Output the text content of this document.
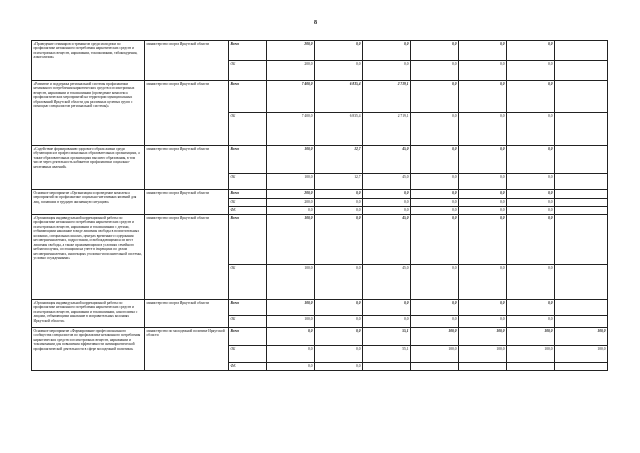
8
«Проведение семинаров и тренингов среди молодежи по профилактике незаконного потребления наркотических средств и психотропных веществ, наркомании, токсикомании, табакокурения, алкоголизма»	министерство спорта Иркутской области	Всего	200,0	0,0	0,0	0,0	0,0	0,0	
		ОБ	200,0	0,0	0,0	0,0	0,0	0,0	
«Развитие и поддержка региональной системы профилактики незаконного потребления наркотических средств и психотропных веществ, наркомании и токсикомании (проведение комплекса профилактических мероприятий на территории муниципальных образований Иркутской области для различных целевых групп с помощью специалистов региональной системы)»	министерство спорта Иркутской области	Всего	7 400,0	6 835,4	2 719,1	0,0	0,0	0,0	
		ОБ	7 400,0	6 835,4	2 719,1	0,0	0,0	0,0	
«Содействие формированию здорового образа жизни среди обучающихся в профессиональных образовательных организациях, а также образовательных организациях высшего образования, в том числе через деятельность кабинетов профилактики социально-негативных явлений»	министерство спорта Иркутской области	Всего	100,0	12,7	45,0	0,0	0,0	0,0	
		ОБ	100,0	12,7	45,0	0,0	0,0	0,0	
Основное мероприятие «Организация и проведение комплекса мероприятий по профилактике социально-негативных явлений для лиц, попавших в трудную жизненную ситуацию»	министерство спорта Иркутской области	Всего	200,0	0,0	0,0	0,0	0,0	0,0	
		ОБ	200,0	0,0	0,0	0,0	0,0	0,0	
		ФБ	0,0	0,0	0,0	0,0	0,0	0,0	
«Организация индивидуальной коррекционной работы по профилактике незаконного потребления наркотических средств и психотропных веществ, наркомании и токсикомании с детьми, отбывающими наказание в виде лишения свободы в воспитательных колониях, специальных школах, центрах временного содержания несовершеннолетних, подростками, освобождающимися из мест лишения свободы, а также проживающими в условиях семейного неблагополучия, состоящими на учете в inspекциях по делам несовершеннолетних, инспекциях уголовно-исполнительной системы, условно осужденными»	министерство спорта Иркутской области	Всего	100,0	0,0	45,0	0,0	0,0	0,0	
		ОБ	100,0	0,0	45,0	0,0	0,0	0,0	
«Организация индивидуальной коррекционной работы по профилактике незаконного потребления наркотических средств и психотропных веществ, наркомании и токсикомании, алкоголизма с лицами, отбывающими наказание в исправительных колониях Иркутской области»	министерство спорта Иркутской области	Всего	100,0	0,0	0,0	0,0	0,0	0,0	
		ОБ	100,0	0,0	0,0	0,0	0,0	0,0	
Основное мероприятие «Формирование профессионального сообщества специалистов по профилактике незаконного потребления наркотических средств и психотропных веществ, наркомании и токсикомании для повышения эффективности антинаркотической профилактической деятельности в сфере молодежной политики»	министерство по молодежной политике Иркутской области	Всего	0,0	0,0	55,1	100,0	100,0	100,0	100,0
		ОБ	0,0	0,0	55,1	100,0	100,0	100,0	100,0
		ФБ	0,0	0,0					
